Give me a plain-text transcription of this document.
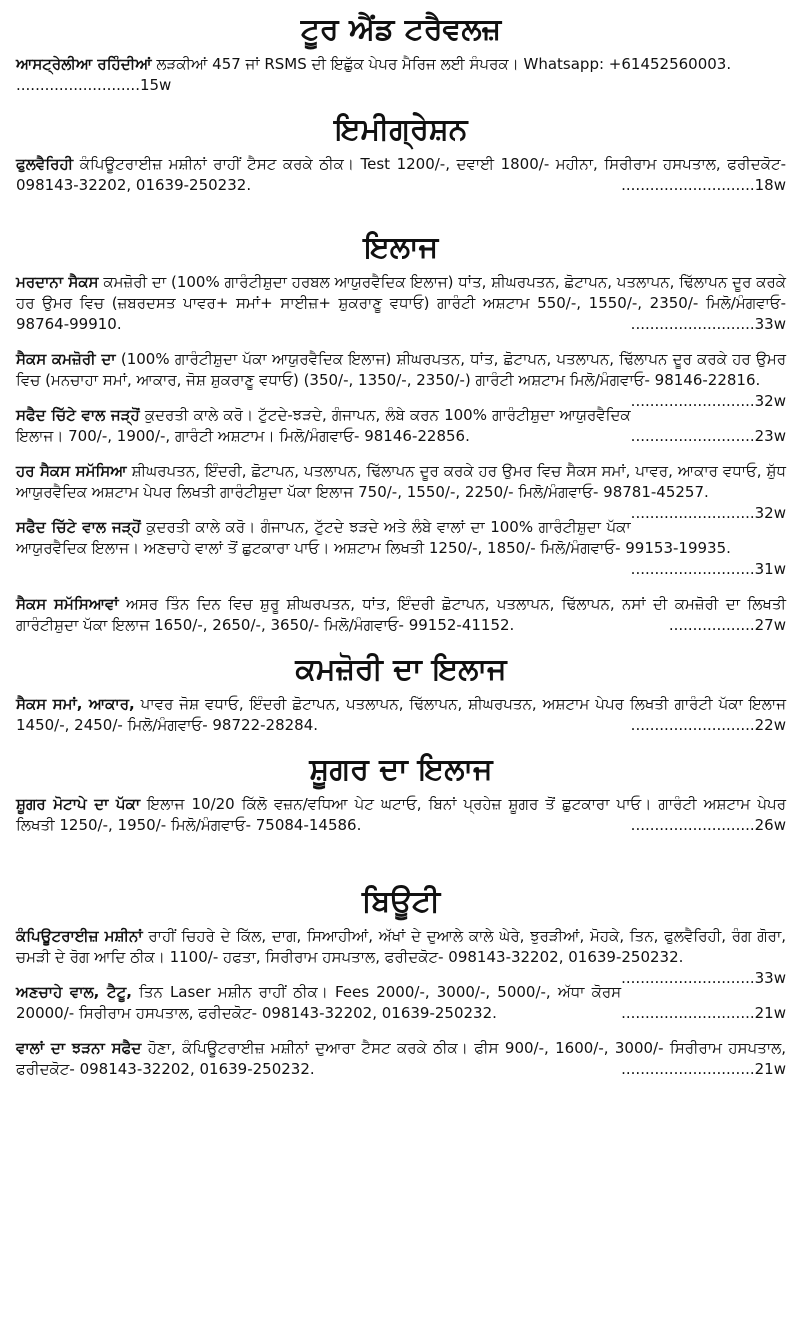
ਟੂਰ ਐਂਡ ਟਰੈਵਲਜ਼
ਆਸਟ੍ਰੇਲੀਆ ਰਹਿੰਦੀਆਂ ਲੜਕੀਆਂ 457 ਜਾਂ RSMS ਦੀ ਇਛੁੱਕ ਪੇਪਰ ਮੈਰਿਜ ਲਈ ਸੰਪਰਕ। Whatsapp: +61452560003.
..........................15w
ਇਮੀਗ੍ਰੇਸ਼ਨ
ਫੁਲਵੈਰਿਹੀ ਕੰਪਿਊਟਰਾਈਜ਼ ਮਸ਼ੀਨਾਂ ਰਾਹੀਂ ਟੈਸਟ ਕਰਕੇ ਠੀਕ। Test 1200/-, ਦਵਾਈ 1800/- ਮਹੀਨਾ, ਸਿਰੀਰਾਮ ਹਸਪਤਾਲ, ਫਰੀਦਕੋਟ- 098143-32202, 01639-250232.	............................18w
ਇਲਾਜ
ਮਰਦਾਨਾ ਸੈਕਸ ਕਮਜ਼ੋਰੀ ਦਾ (100% ਗਾਰੰਟੀਸ਼ੁਦਾ ਹਰਬਲ ਆਯੁਰਵੈਦਿਕ ਇਲਾਜ) ਧਾਂਤ, ਸ਼ੀਘਰਪਤਨ, ਛੋਟਾਪਨ, ਪਤਲਾਪਨ, ਢਿੱਲਾਪਨ ਦੂਰ ਕਰਕੇ ਹਰ ਉਮਰ ਵਿਚ (ਜ਼ਬਰਦਸਤ ਪਾਵਰ+ ਸਮਾਂ+ ਸਾਈਜ਼+ ਸ਼ੁਕਰਾਣੂ ਵਧਾਓ) ਗਾਰੰਟੀ ਅਸ਼ਟਾਮ 550/-, 1550/-, 2350/- ਮਿਲੋ/ਮੰਗਵਾਓ- 98764-99910.	..........................33w
ਸੈਕਸ ਕਮਜ਼ੋਰੀ ਦਾ (100% ਗਾਰੰਟੀਸ਼ੁਦਾ ਪੱਕਾ ਆਯੁਰਵੈਦਿਕ ਇਲਾਜ) ਸ਼ੀਘਰਪਤਨ, ਧਾਂਤ, ਛੋਟਾਪਨ, ਪਤਲਾਪਨ, ਢਿੱਲਾਪਨ ਦੂਰ ਕਰਕੇ ਹਰ ਉਮਰ ਵਿਚ (ਮਨਚਾਹਾ ਸਮਾਂ, ਆਕਾਰ, ਜੋਸ਼ ਸ਼ੁਕਰਾਣੂ ਵਧਾਓ) (350/-, 1350/-, 2350/-) ਗਾਰੰਟੀ ਅਸ਼ਟਾਮ ਮਿਲੋ/ਮੰਗਵਾਓ- 98146-22816.
..........................32w
ਸਫੈਦ ਚਿੱਟੇ ਵਾਲ ਜੜ੍ਹੋਂ ਕੁਦਰਤੀ ਕਾਲੇ ਕਰੋ। ਟੁੱਟਦੇ-ਝੜਦੇ, ਗੰਜਾਪਨ, ਲੰਬੇ ਕਰਨ 100% ਗਾਰੰਟੀਸ਼ੁਦਾ ਆਯੁਰਵੈਦਿਕ ਇਲਾਜ। 700/-, 1900/-, ਗਾਰੰਟੀ ਅਸ਼ਟਾਮ। ਮਿਲੋ/ਮੰਗਵਾਓ- 98146-22856.	..........................23w
ਹਰ ਸੈਕਸ ਸਮੱਸਿਆ ਸ਼ੀਘਰਪਤਨ, ਇੰਦਰੀ, ਛੋਟਾਪਨ, ਪਤਲਾਪਨ, ਢਿੱਲਾਪਨ ਦੂਰ ਕਰਕੇ ਹਰ ਉਮਰ ਵਿਚ ਸੈਕਸ ਸਮਾਂ, ਪਾਵਰ, ਆਕਾਰ ਵਧਾਓ, ਸ਼ੁੱਧ ਆਯੁਰਵੈਦਿਕ ਅਸ਼ਟਾਮ ਪੇਪਰ ਲਿਖਤੀ ਗਾਰੰਟੀਸ਼ੁਦਾ ਪੱਕਾ ਇਲਾਜ 750/-, 1550/-, 2250/- ਮਿਲੋ/ਮੰਗਵਾਓ- 98781-45257.
..........................32w
ਸਫੈਦ ਚਿੱਟੇ ਵਾਲ ਜੜ੍ਹੋਂ ਕੁਦਰਤੀ ਕਾਲੇ ਕਰੋ। ਗੰਜਾਪਨ, ਟੁੱਟਦੇ ਝੜਦੇ ਅਤੇ ਲੰਬੇ ਵਾਲਾਂ ਦਾ 100% ਗਾਰੰਟੀਸ਼ੁਦਾ ਪੱਕਾ ਆਯੁਰਵੈਦਿਕ ਇਲਾਜ। ਅਣਚਾਹੇ ਵਾਲਾਂ ਤੋਂ ਛੁਟਕਾਰਾ ਪਾਓ। ਅਸ਼ਟਾਮ ਲਿਖਤੀ 1250/-, 1850/- ਮਿਲੋ/ਮੰਗਵਾਓ- 99153-19935.
..........................31w
ਸੈਕਸ ਸਮੱਸਿਆਵਾਂ ਅਸਰ ਤਿੰਨ ਦਿਨ ਵਿਚ ਸ਼ੁਰੂ ਸ਼ੀਘਰਪਤਨ, ਧਾਂਤ, ਇੰਦਰੀ ਛੋਟਾਪਨ, ਪਤਲਾਪਨ, ਢਿੱਲਾਪਨ, ਨਸਾਂ ਦੀ ਕਮਜ਼ੋਰੀ ਦਾ ਲਿਖਤੀ ਗਾਰੰਟੀਸ਼ੁਦਾ ਪੱਕਾ ਇਲਾਜ 1650/-, 2650/-, 3650/- ਮਿਲੋ/ਮੰਗਵਾਓ- 99152-41152.	..................27w
ਕਮਜ਼ੋਰੀ ਦਾ ਇਲਾਜ
ਸੈਕਸ ਸਮਾਂ, ਆਕਾਰ, ਪਾਵਰ ਜੋਸ਼ ਵਧਾਓ, ਇੰਦਰੀ ਛੋਟਾਪਨ, ਪਤਲਾਪਨ, ਢਿੱਲਾਪਨ, ਸ਼ੀਘਰਪਤਨ, ਅਸ਼ਟਾਮ ਪੇਪਰ ਲਿਖਤੀ ਗਾਰੰਟੀ ਪੱਕਾ ਇਲਾਜ 1450/-, 2450/- ਮਿਲੋ/ਮੰਗਵਾਓ- 98722-28284.	..........................22w
ਸ਼ੂਗਰ ਦਾ ਇਲਾਜ
ਸ਼ੂਗਰ ਮੋਟਾਪੇ ਦਾ ਪੱਕਾ ਇਲਾਜ 10/20 ਕਿੱਲੋ ਵਜ਼ਨ/ਵਧਿਆ ਪੇਟ ਘਟਾਓ, ਬਿਨਾਂ ਪ੍ਰਹੇਜ਼ ਸ਼ੂਗਰ ਤੋਂ ਛੁਟਕਾਰਾ ਪਾਓ। ਗਾਰੰਟੀ ਅਸ਼ਟਾਮ ਪੇਪਰ ਲਿਖਤੀ 1250/-, 1950/- ਮਿਲੋ/ਮੰਗਵਾਓ- 75084-14586.	..........................26w
ਬਿਊਟੀ
ਕੰਪਿਊਟਰਾਈਜ਼ ਮਸ਼ੀਨਾਂ ਰਾਹੀਂ ਚਿਹਰੇ ਦੇ ਕਿੱਲ, ਦਾਗ, ਸਿਆਹੀਆਂ, ਅੱਖਾਂ ਦੇ ਦੁਆਲੇ ਕਾਲੇ ਘੇਰੇ, ਝੁਰੜੀਆਂ, ਮੋਹਕੇ, ਤਿਨ, ਫੁਲਵੈਰਿਹੀ, ਰੰਗ ਗੋਰਾ, ਚਮੜੀ ਦੇ ਰੋਗ ਆਦਿ ਠੀਕ। 1100/- ਹਫਤਾ, ਸਿਰੀਰਾਮ ਹਸਪਤਾਲ, ਫਰੀਦਕੋਟ- 098143-32202, 01639-250232.
............................33w
ਅਣਚਾਹੇ ਵਾਲ, ਟੈਟੂ, ਤਿਨ Laser ਮਸ਼ੀਨ ਰਾਹੀਂ ਠੀਕ। Fees 2000/-, 3000/-, 5000/-, ਅੱਧਾ ਕੋਰਸ 20000/- ਸਿਰੀਰਾਮ ਹਸਪਤਾਲ, ਫਰੀਦਕੋਟ- 098143-32202, 01639-250232.	............................21w
ਵਾਲਾਂ ਦਾ ਝੜਨਾ ਸਫੈਦ ਹੋਣਾ, ਕੰਪਿਊਟਰਾਈਜ਼ ਮਸ਼ੀਨਾਂ ਦੁਆਰਾ ਟੈਸਟ ਕਰਕੇ ਠੀਕ। ਫੀਸ 900/-, 1600/-, 3000/- ਸਿਰੀਰਾਮ ਹਸਪਤਾਲ, ਫਰੀਦਕੋਟ- 098143-32202, 01639-250232.	............................21w
